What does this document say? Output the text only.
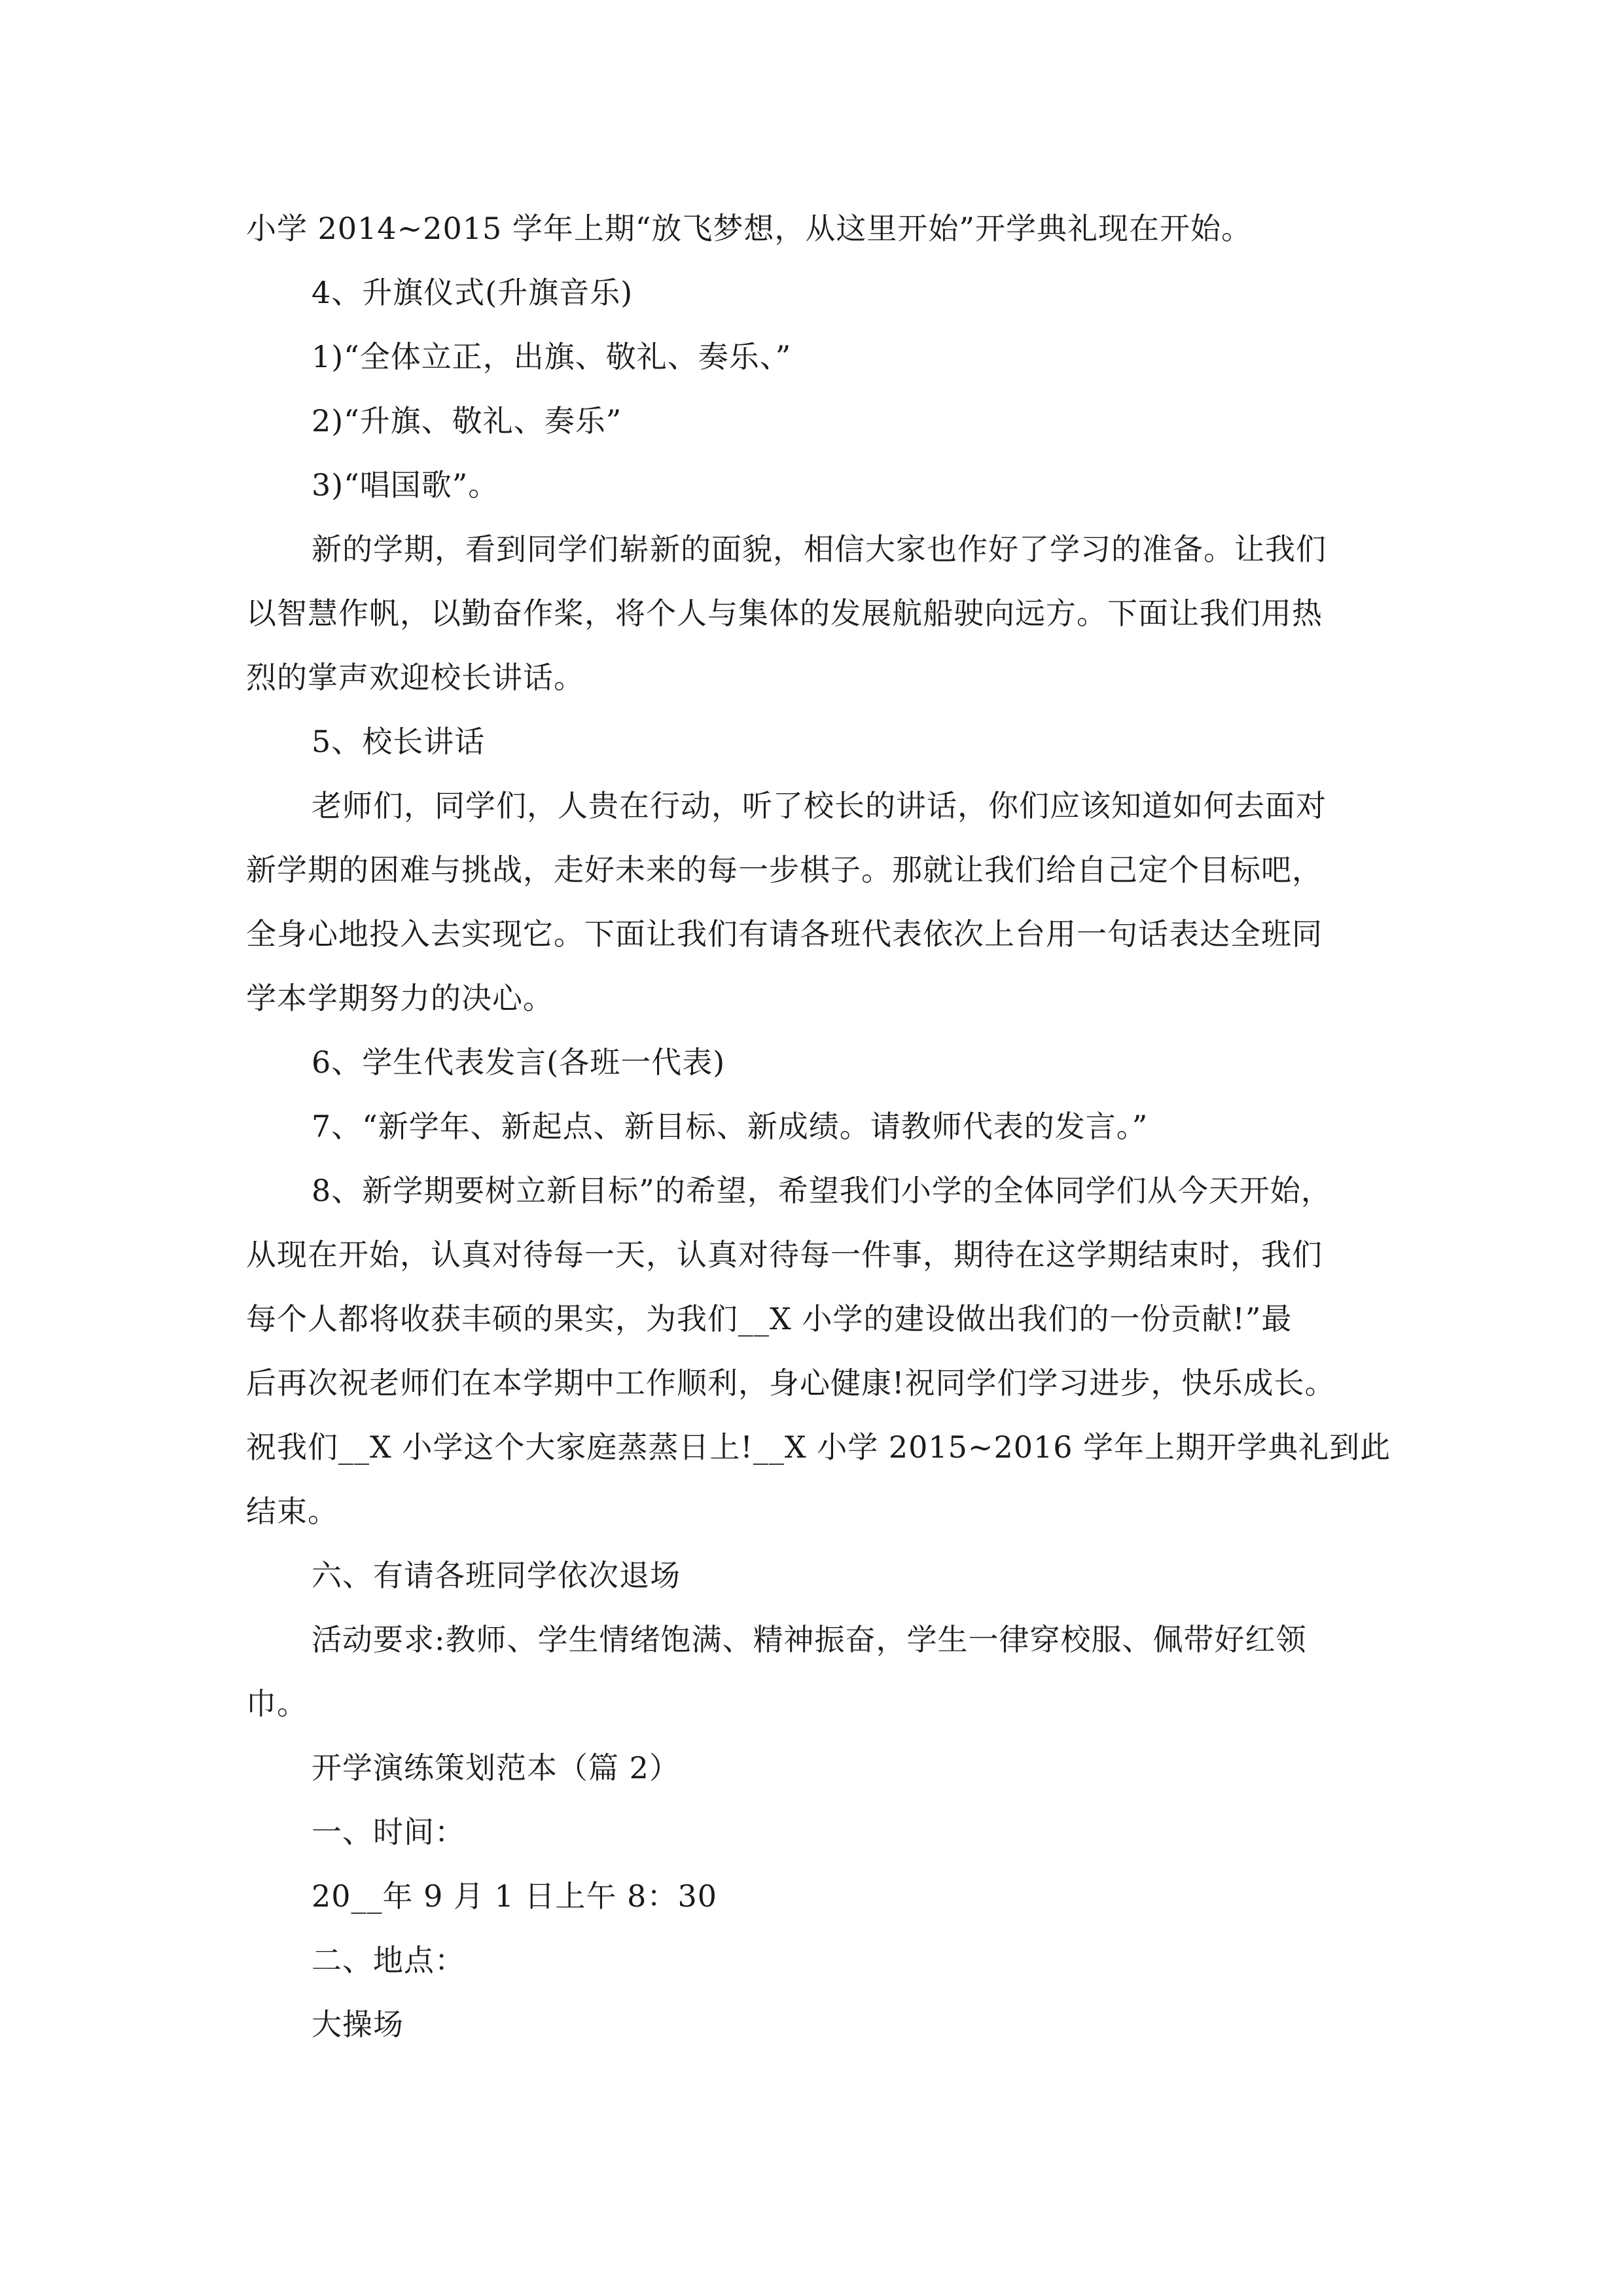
小学 2014~2015 学年上期“放飞梦想，从这里开始”开学典礼现在开始。
4、升旗仪式(升旗音乐)
1)“全体立正，出旗、敬礼、奏乐、”
2)“升旗、敬礼、奏乐”
3)“唱国歌”。
新的学期，看到同学们崭新的面貌，相信大家也作好了学习的准备。让我们
以智慧作帆，以勤奋作桨，将个人与集体的发展航船驶向远方。下面让我们用热
烈的掌声欢迎校长讲话。
5、校长讲话
老师们，同学们，人贵在行动，听了校长的讲话，你们应该知道如何去面对
新学期的困难与挑战，走好未来的每一步棋子。那就让我们给自己定个目标吧，
全身心地投入去实现它。下面让我们有请各班代表依次上台用一句话表达全班同
学本学期努力的决心。
6、学生代表发言(各班一代表)
7、“新学年、新起点、新目标、新成绩。请教师代表的发言。”
8、新学期要树立新目标”的希望，希望我们小学的全体同学们从今天开始，
从现在开始，认真对待每一天，认真对待每一件事，期待在这学期结束时，我们
每个人都将收获丰硕的果实，为我们__X 小学的建设做出我们的一份贡献!”最
后再次祝老师们在本学期中工作顺利，身心健康!祝同学们学习进步，快乐成长。
祝我们__X 小学这个大家庭蒸蒸日上!__X 小学 2015~2016 学年上期开学典礼到此
结束。
六、有请各班同学依次退场
活动要求:教师、学生情绪饱满、精神振奋，学生一律穿校服、佩带好红领
巾。
开学演练策划范本（篇 2）
一、时间：
20__年 9 月 1 日上午 8：30
二、地点：
大操场
